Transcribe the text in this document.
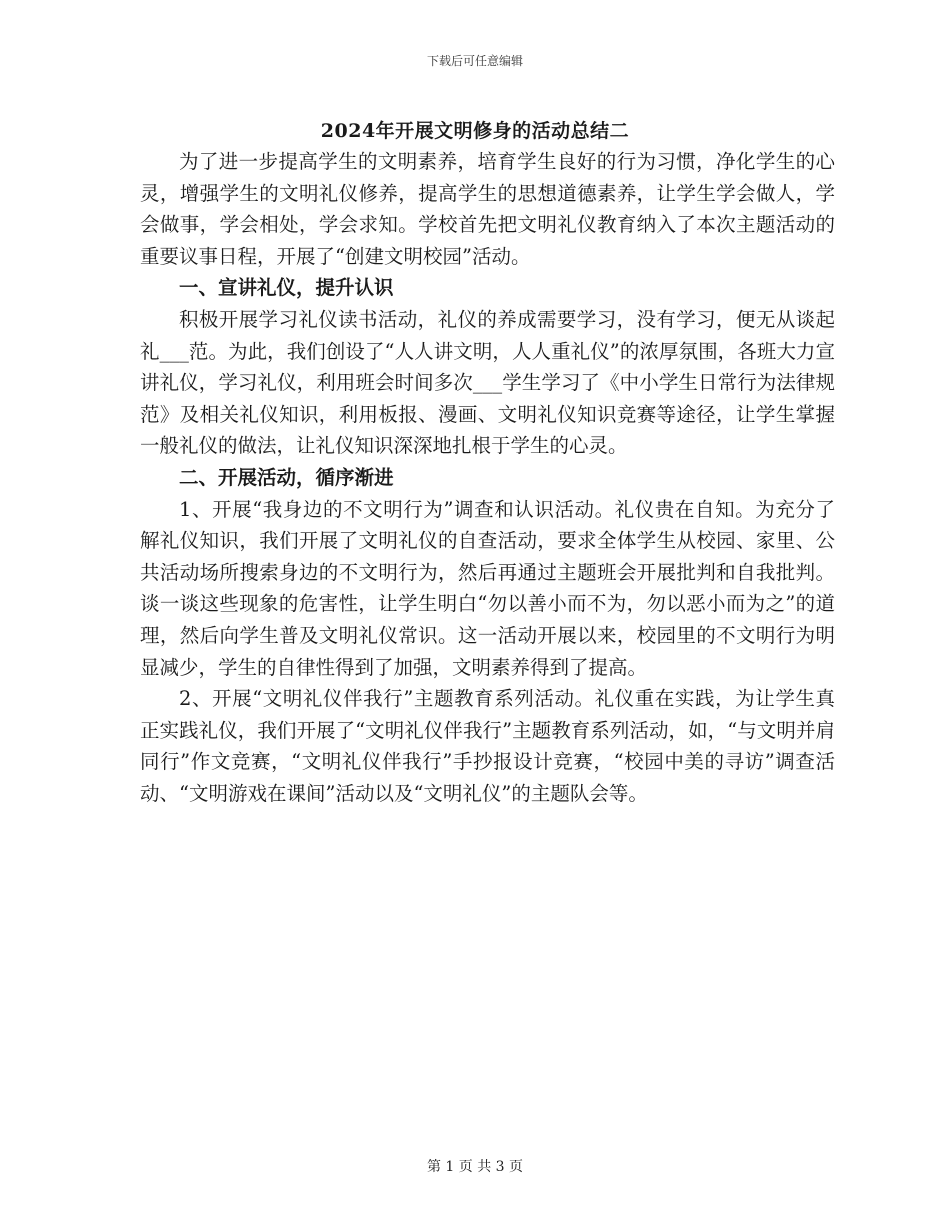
下载后可任意编辑
2024年开展文明修身的活动总结二

为了进一步提高学生的文明素养，培育学生良好的行为习惯，净化学生的心灵，增强学生的文明礼仪修养，提高学生的思想道德素养，让学生学会做人，学会做事，学会相处，学会求知。学校首先把文明礼仪教育纳入了本次主题活动的重要议事日程，开展了“创建文明校园”活动。

一、宣讲礼仪，提升认识

积极开展学习礼仪读书活动，礼仪的养成需要学习，没有学习，便无从谈起礼___范。为此，我们创设了“人人讲文明，人人重礼仪”的浓厚氛围，各班大力宣讲礼仪，学习礼仪，利用班会时间多次___学生学习了《中小学生日常行为法律规范》及相关礼仪知识，利用板报、漫画、文明礼仪知识竞赛等途径，让学生掌握一般礼仪的做法，让礼仪知识深深地扎根于学生的心灵。

二、开展活动，循序渐进

1、开展“我身边的不文明行为”调查和认识活动。礼仪贵在自知。为充分了解礼仪知识，我们开展了文明礼仪的自查活动，要求全体学生从校园、家里、公共活动场所搜索身边的不文明行为，然后再通过主题班会开展批判和自我批判。谈一谈这些现象的危害性，让学生明白“勿以善小而不为，勿以恶小而为之”的道理，然后向学生普及文明礼仪常识。这一活动开展以来，校园里的不文明行为明显减少，学生的自律性得到了加强，文明素养得到了提高。

2、开展“文明礼仪伴我行”主题教育系列活动。礼仪重在实践，为让学生真正实践礼仪，我们开展了“文明礼仪伴我行”主题教育系列活动，如，“与文明并肩同行”作文竞赛，“文明礼仪伴我行”手抄报设计竞赛，“校园中美的寻访”调查活动、“文明游戏在课间”活动以及“文明礼仪”的主题队会等。

第 1 页 共 3 页
